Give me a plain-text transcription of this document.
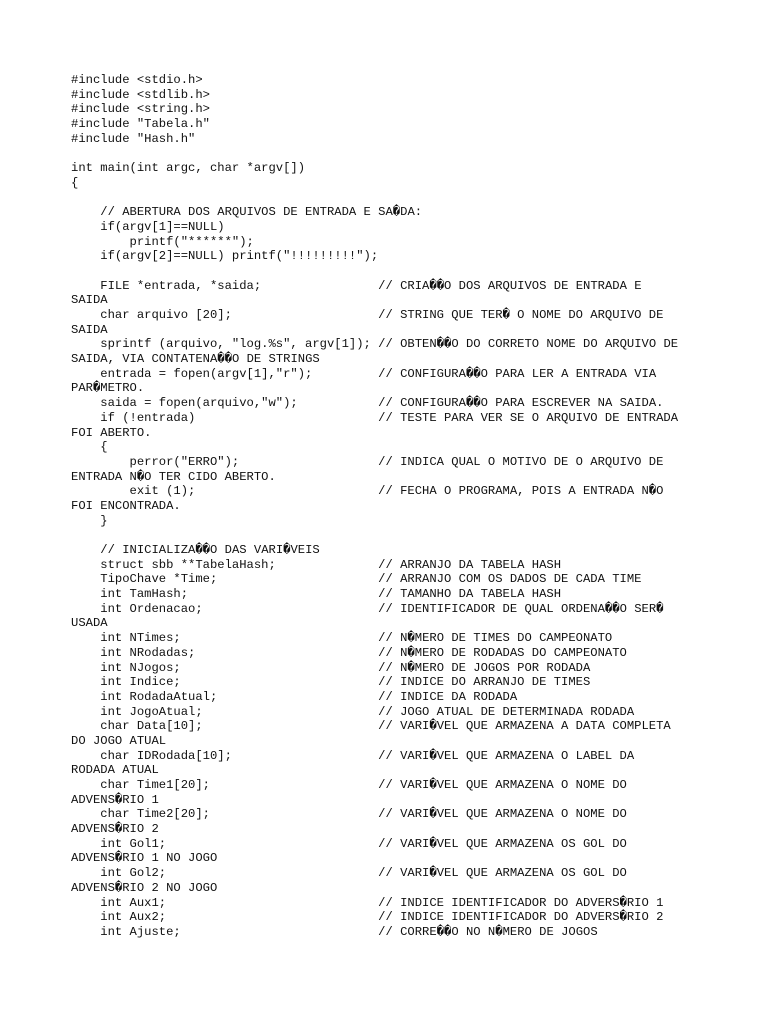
#include <stdio.h>
#include <stdlib.h>
#include <string.h>
#include "Tabela.h"
#include "Hash.h"
int main(int argc, char *argv[])
{
// ABERTURA DOS ARQUIVOS DE ENTRADA E SA�DA:
if(argv[1]==NULL)
printf("******");
if(argv[2]==NULL) printf("!!!!!!!!!");
FILE *entrada, *saida;                // CRIA��O DOS ARQUIVOS DE ENTRADA E
SAIDA
char arquivo [20];                    // STRING QUE TER� O NOME DO ARQUIVO DE
SAIDA
sprintf (arquivo, "log.%s", argv[1]); // OBTEN��O DO CORRETO NOME DO ARQUIVO DE
SAIDA, VIA CONTATENA��O DE STRINGS
entrada = fopen(argv[1],"r");         // CONFIGURA��O PARA LER A ENTRADA VIA
PAR�METRO.
saida = fopen(arquivo,"w");           // CONFIGURA��O PARA ESCREVER NA SAIDA.
if (!entrada)                         // TESTE PARA VER SE O ARQUIVO DE ENTRADA
FOI ABERTO.
{
perror("ERRO");                   // INDICA QUAL O MOTIVO DE O ARQUIVO DE
ENTRADA N�O TER CIDO ABERTO.
exit (1);                         // FECHA O PROGRAMA, POIS A ENTRADA N�O
FOI ENCONTRADA.
}
// INICIALIZA��O DAS VARI�VEIS
struct sbb **TabelaHash;              // ARRANJO DA TABELA HASH
TipoChave *Time;                      // ARRANJO COM OS DADOS DE CADA TIME
int TamHash;                          // TAMANHO DA TABELA HASH
int Ordenacao;                        // IDENTIFICADOR DE QUAL ORDENA��O SER�
USADA
int NTimes;                           // N�MERO DE TIMES DO CAMPEONATO
int NRodadas;                         // N�MERO DE RODADAS DO CAMPEONATO
int NJogos;                           // N�MERO DE JOGOS POR RODADA
int Indice;                           // INDICE DO ARRANJO DE TIMES
int RodadaAtual;                      // INDICE DA RODADA
int JogoAtual;                        // JOGO ATUAL DE DETERMINADA RODADA
char Data[10];                        // VARI�VEL QUE ARMAZENA A DATA COMPLETA
DO JOGO ATUAL
char IDRodada[10];                    // VARI�VEL QUE ARMAZENA O LABEL DA
RODADA ATUAL
char Time1[20];                       // VARI�VEL QUE ARMAZENA O NOME DO
ADVENS�RIO 1
char Time2[20];                       // VARI�VEL QUE ARMAZENA O NOME DO
ADVENS�RIO 2
int Gol1;                             // VARI�VEL QUE ARMAZENA OS GOL DO
ADVENS�RIO 1 NO JOGO
int Gol2;                             // VARI�VEL QUE ARMAZENA OS GOL DO
ADVENS�RIO 2 NO JOGO
int Aux1;                             // INDICE IDENTIFICADOR DO ADVERS�RIO 1
int Aux2;                             // INDICE IDENTIFICADOR DO ADVERS�RIO 2
int Ajuste;                           // CORRE��O NO N�MERO DE JOGOS
